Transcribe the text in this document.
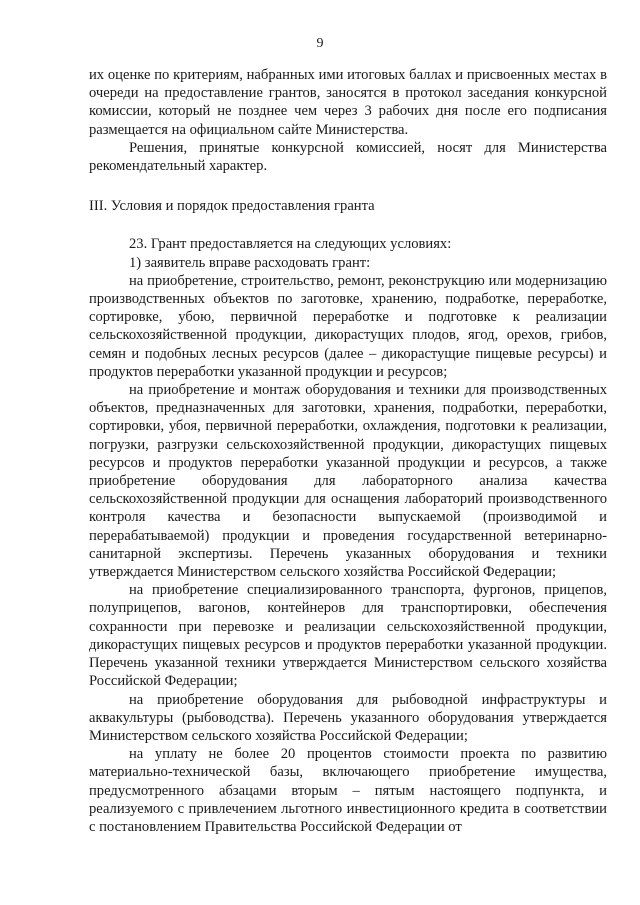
9

их оценке по критериям, набранных ими итоговых баллах и присвоенных местах в очереди на предоставление грантов, заносятся в протокол заседания конкурсной комиссии, который не позднее чем через 3 рабочих дня после его подписания размещается на официальном сайте Министерства.

Решения, принятые конкурсной комиссией, носят для Министерства рекомендательный характер.

III. Условия и порядок предоставления гранта

23. Грант предоставляется на следующих условиях:

1) заявитель вправе расходовать грант:

на приобретение, строительство, ремонт, реконструкцию или модернизацию производственных объектов по заготовке, хранению, подработке, переработке, сортировке, убою, первичной переработке и подготовке к реализации сельскохозяйственной продукции, дикорастущих плодов, ягод, орехов, грибов, семян и подобных лесных ресурсов (далее – дикорастущие пищевые ресурсы) и продуктов переработки указанной продукции и ресурсов;

на приобретение и монтаж оборудования и техники для производственных объектов, предназначенных для заготовки, хранения, подработки, переработки, сортировки, убоя, первичной переработки, охлаждения, подготовки к реализации, погрузки, разгрузки сельскохозяйственной продукции, дикорастущих пищевых ресурсов и продуктов переработки указанной продукции и ресурсов, а также приобретение оборудования для лабораторного анализа качества сельскохозяйственной продукции для оснащения лабораторий производственного контроля качества и безопасности выпускаемой (производимой и перерабатываемой) продукции и проведения государственной ветеринарно-санитарной экспертизы. Перечень указанных оборудования и техники утверждается Министерством сельского хозяйства Российской Федерации;

на приобретение специализированного транспорта, фургонов, прицепов, полуприцепов, вагонов, контейнеров для транспортировки, обеспечения сохранности при перевозке и реализации сельскохозяйственной продукции, дикорастущих пищевых ресурсов и продуктов переработки указанной продукции. Перечень указанной техники утверждается Министерством сельского хозяйства Российской Федерации;

на приобретение оборудования для рыбоводной инфраструктуры и аквакультуры (рыбоводства). Перечень указанного оборудования утверждается Министерством сельского хозяйства Российской Федерации;

на уплату не более 20 процентов стоимости проекта по развитию материально-технической базы, включающего приобретение имущества, предусмотренного абзацами вторым – пятым настоящего подпункта, и реализуемого с привлечением льготного инвестиционного кредита в соответствии с постановлением Правительства Российской Федерации от
